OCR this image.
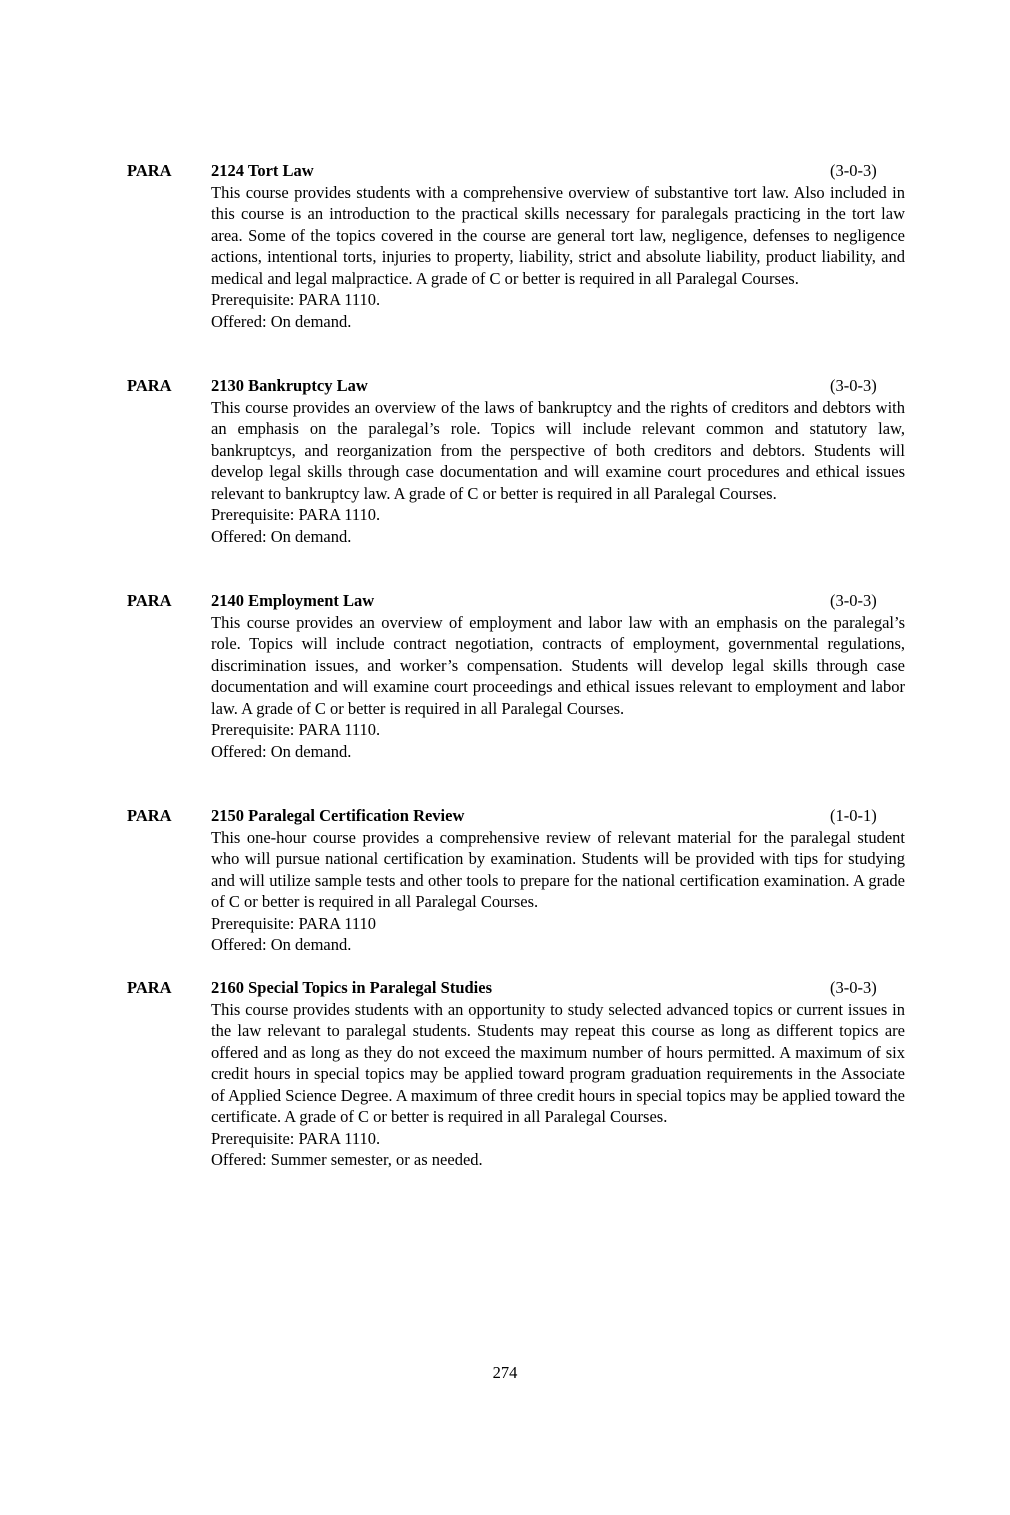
PARA 2124 Tort Law	(3-0-3)
This course provides students with a comprehensive overview of substantive tort law. Also included in this course is an introduction to the practical skills necessary for paralegals practicing in the tort law area. Some of the topics covered in the course are general tort law, negligence, defenses to negligence actions, intentional torts, injuries to property, liability, strict and absolute liability, product liability, and medical and legal malpractice. A grade of C or better is required in all Paralegal Courses.
Prerequisite: PARA 1110.
Offered: On demand.
PARA 2130 Bankruptcy Law	(3-0-3)
This course provides an overview of the laws of bankruptcy and the rights of creditors and debtors with an emphasis on the paralegal’s role. Topics will include relevant common and statutory law, bankruptcys, and reorganization from the perspective of both creditors and debtors. Students will develop legal skills through case documentation and will examine court procedures and ethical issues relevant to bankruptcy law. A grade of C or better is required in all Paralegal Courses.
Prerequisite: PARA 1110.
Offered: On demand.
PARA 2140 Employment Law	(3-0-3)
This course provides an overview of employment and labor law with an emphasis on the paralegal’s role. Topics will include contract negotiation, contracts of employment, governmental regulations, discrimination issues, and worker’s compensation. Students will develop legal skills through case documentation and will examine court proceedings and ethical issues relevant to employment and labor law. A grade of C or better is required in all Paralegal Courses.
Prerequisite: PARA 1110.
Offered: On demand.
PARA 2150 Paralegal Certification Review	(1-0-1)
This one-hour course provides a comprehensive review of relevant material for the paralegal student who will pursue national certification by examination. Students will be provided with tips for studying and will utilize sample tests and other tools to prepare for the national certification examination. A grade of C or better is required in all Paralegal Courses.
Prerequisite: PARA 1110
Offered: On demand.
PARA 2160 Special Topics in Paralegal Studies	(3-0-3)
This course provides students with an opportunity to study selected advanced topics or current issues in the law relevant to paralegal students. Students may repeat this course as long as different topics are offered and as long as they do not exceed the maximum number of hours permitted. A maximum of six credit hours in special topics may be applied toward program graduation requirements in the Associate of Applied Science Degree. A maximum of three credit hours in special topics may be applied toward the certificate. A grade of C or better is required in all Paralegal Courses.
Prerequisite: PARA 1110.
Offered: Summer semester, or as needed.
274
